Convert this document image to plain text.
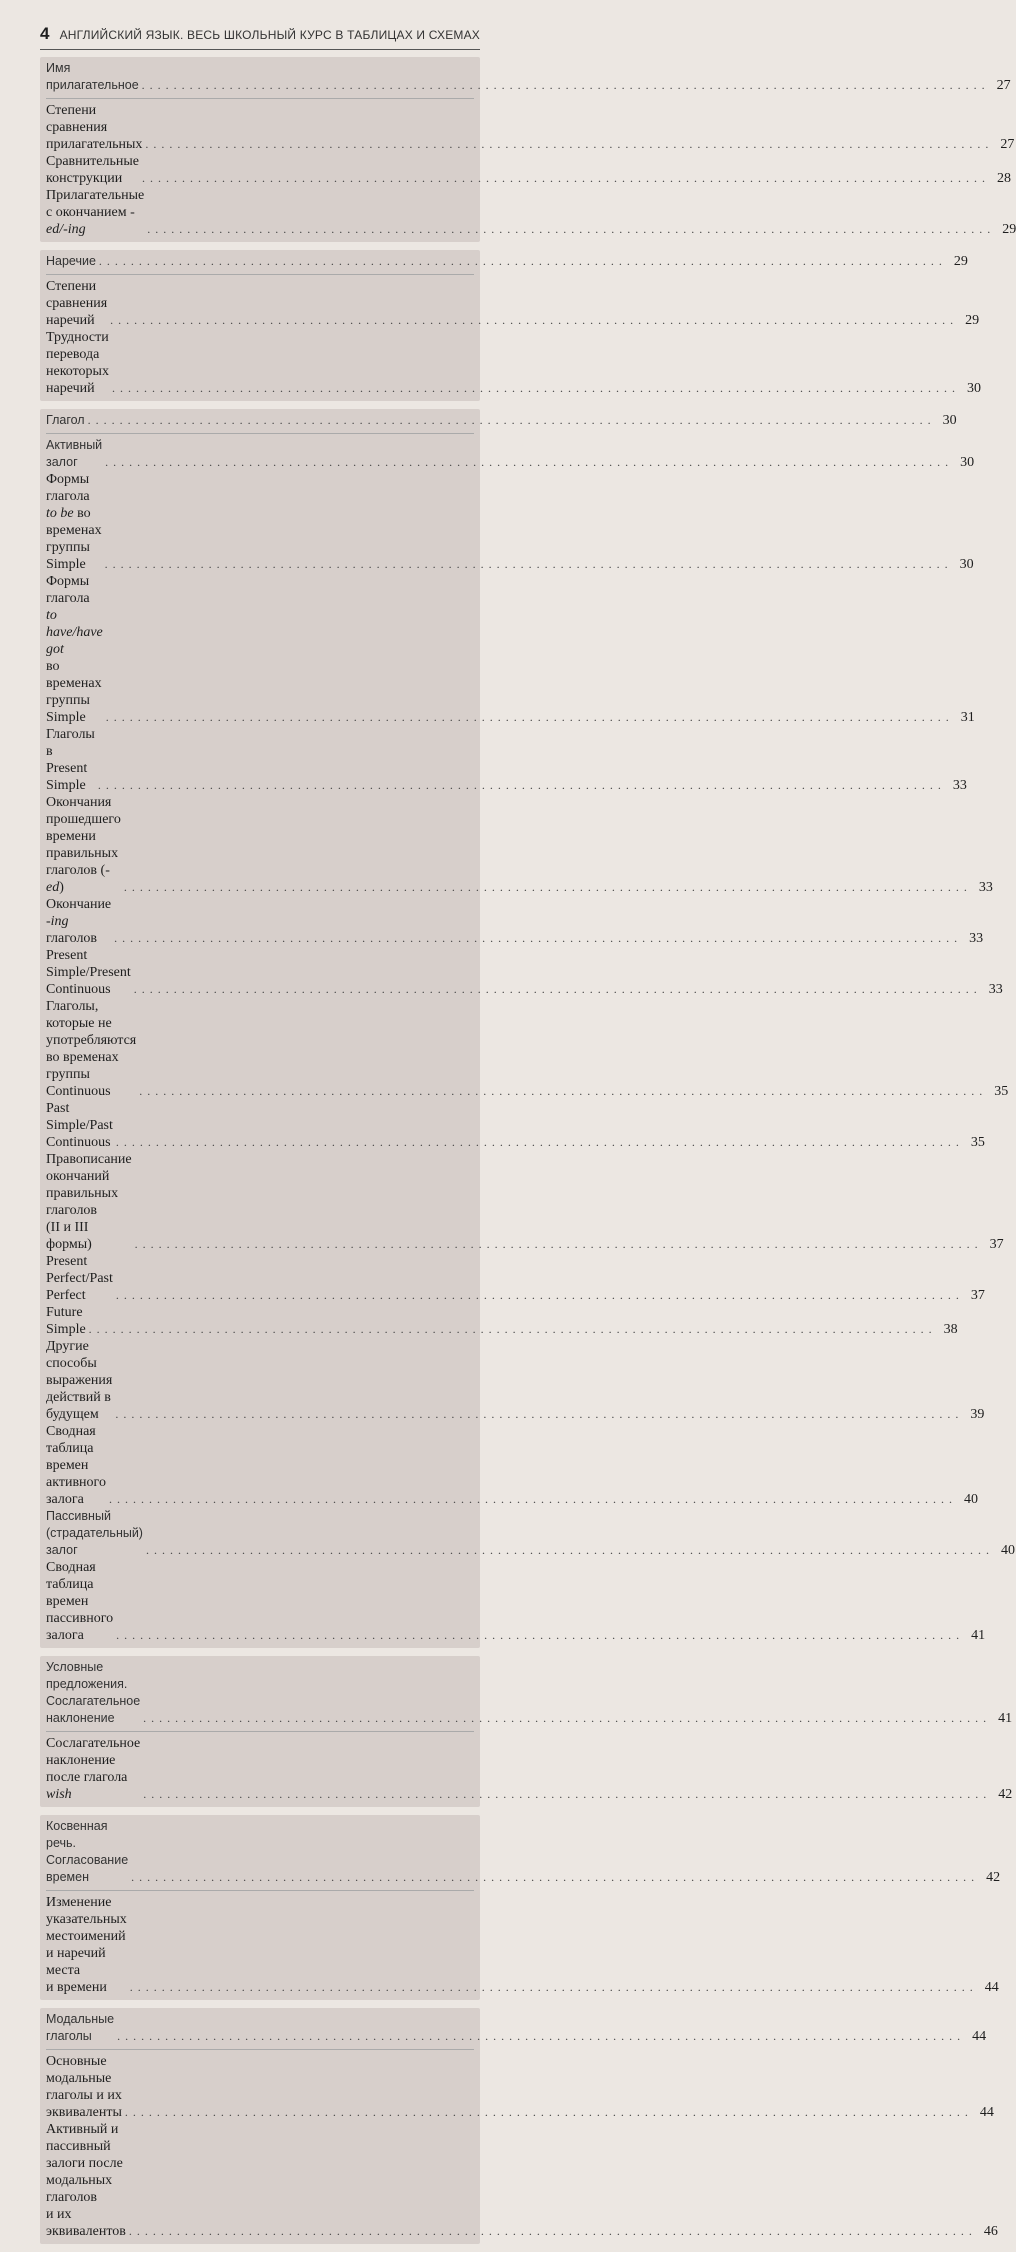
4 АНГЛИЙСКИЙ ЯЗЫК. ВЕСЬ ШКОЛЬНЫЙ КУРС В ТАБЛИЦАХ И СХЕМАХ
Имя прилагательное . . .	27
Степени сравнения прилагательных . . .	27
Сравнительные конструкции . . .	28
Прилагательные с окончанием -ed/-ing . . .	29
Наречие . . .	29
Степени сравнения наречий . . .	29
Трудности перевода некоторых наречий . . .	30
Глагол . . .	30
Активный залог . . .	30
Формы глагола to be во временах группы Simple . . .	30
Формы глагола to have/have got
во временах группы Simple . . .	31
Глаголы в Present Simple . . .	33
Окончания прошедшего времени правильных глаголов (-ed) . . .	33
Окончание -ing глаголов . . .	33
Present Simple/Present Continuous . . .	33
Глаголы, которые не употребляются во временах группы
Continuous . . .	35
Past Simple/Past Continuous . . .	35
Правописание окончаний правильных глаголов
(II и III формы) . . .	37
Present Perfect/Past Perfect . . .	37
Future Simple . . .	38
Другие способы выражения действий в будущем . . .	39
Сводная таблица времен активного залога . . .	40
Пассивный (страдательный) залог . . .	40
Сводная таблица времен пассивного залога . . .	41
Условные предложения. Сослагательное наклонение . . .	41
Сослагательное наклонение после глагола wish . . .	42
Косвенная речь. Согласование времен . . .	42
Изменение указательных местоимений и наречий места
и времени . . .	44
Модальные глаголы . . .	44
Основные модальные глаголы и их эквиваленты . . .	44
Активный и пассивный залоги после модальных глаголов
и их эквивалентов . . .	46
